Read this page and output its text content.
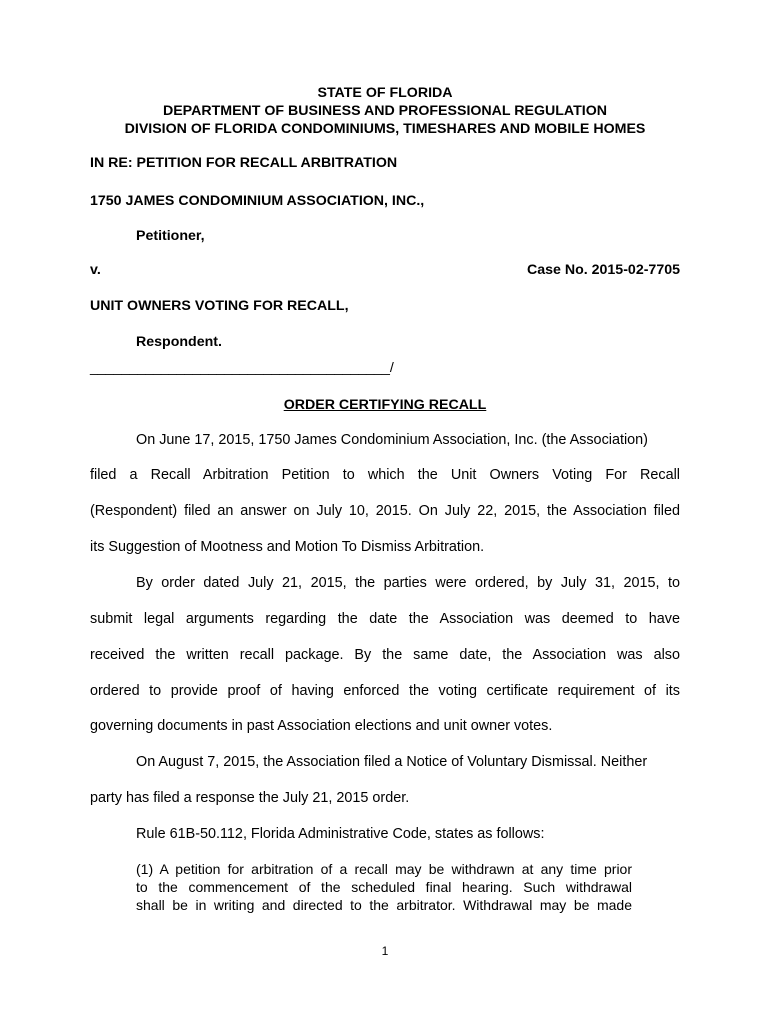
STATE OF FLORIDA

DEPARTMENT OF BUSINESS AND PROFESSIONAL REGULATION

DIVISION OF FLORIDA CONDOMINIUMS, TIMESHARES AND MOBILE HOMES

IN RE: PETITION FOR RECALL ARBITRATION

1750 JAMES CONDOMINIUM ASSOCIATION, INC.,

Petitioner,

v.	Case No. 2015-02-7705

UNIT OWNERS VOTING FOR RECALL,

Respondent.

______________________________________/

ORDER CERTIFYING RECALL

On June 17, 2015, 1750 James Condominium Association, Inc. (the Association)

filed a Recall Arbitration Petition to which the Unit Owners Voting For Recall

(Respondent) filed an answer on July 10, 2015. On July 22, 2015, the Association filed

its Suggestion of Mootness and Motion To Dismiss Arbitration.

By order dated July 21, 2015, the parties were ordered, by July 31, 2015, to

submit legal arguments regarding the date the Association was deemed to have

received the written recall package. By the same date, the Association was also

ordered to provide proof of having enforced the voting certificate requirement of its

governing documents in past Association elections and unit owner votes.

On August 7, 2015, the Association filed a Notice of Voluntary Dismissal. Neither

party has filed a response the July 21, 2015 order.

Rule 61B-50.112, Florida Administrative Code, states as follows:

(1) A petition for arbitration of a recall may be withdrawn at any time prior

to the commencement of the scheduled final hearing. Such withdrawal

shall be in writing and directed to the arbitrator. Withdrawal may be made

1
